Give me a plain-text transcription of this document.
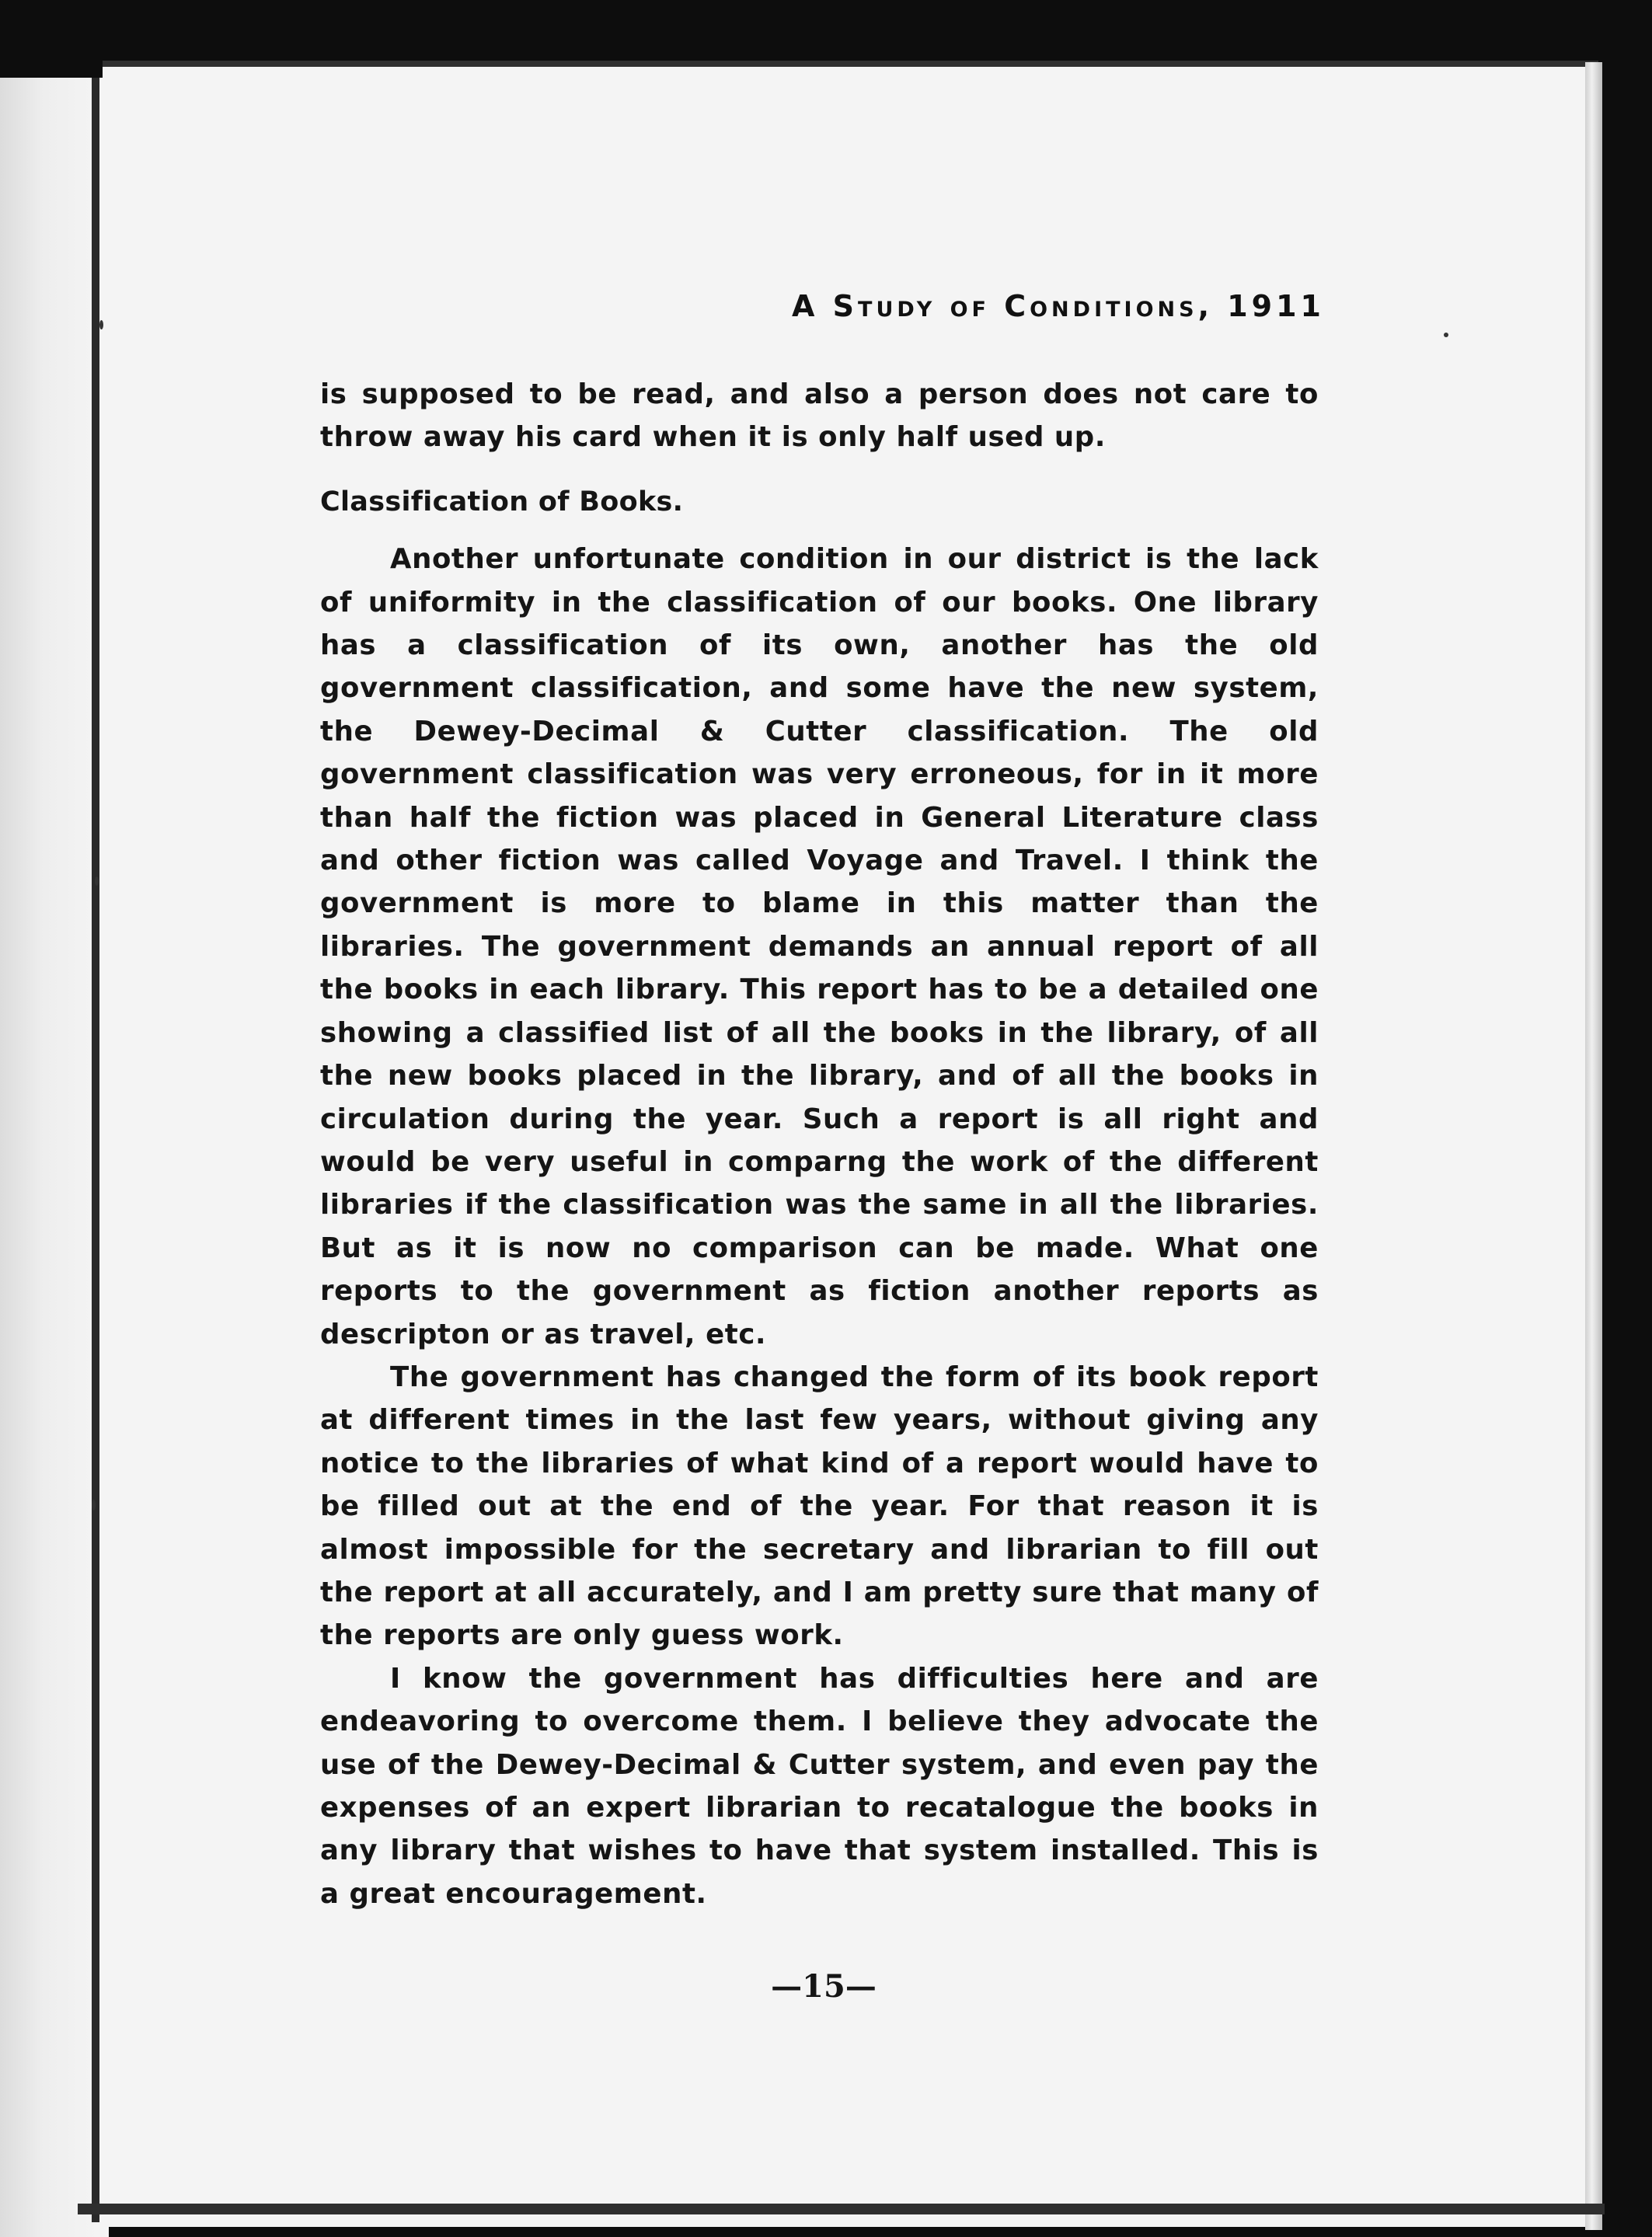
A Study of Conditions, 1911

is supposed to be read, and also a person does not care to throw away his card when it is only half used up.

Classification of Books.

Another unfortunate condition in our district is the lack of uniformity in the classification of our books. One library has a classification of its own, another has the old government classification, and some have the new system, the Dewey-Decimal & Cutter classification. The old government classification was very erroneous, for in it more than half the fiction was placed in General Literature class and other fiction was called Voyage and Travel. I think the government is more to blame in this matter than the libraries. The government demands an annual report of all the books in each library. This report has to be a detailed one showing a classified list of all the books in the library, of all the new books placed in the library, and of all the books in circulation during the year. Such a report is all right and would be very useful in comparng the work of the different libraries if the classification was the same in all the libraries. But as it is now no comparison can be made. What one reports to the government as fiction another reports as descripton or as travel, etc.

The government has changed the form of its book report at different times in the last few years, without giving any notice to the libraries of what kind of a report would have to be filled out at the end of the year. For that reason it is almost impossible for the secretary and librarian to fill out the report at all accurately, and I am pretty sure that many of the reports are only guess work.

I know the government has difficulties here and are endeavoring to overcome them. I believe they advocate the use of the Dewey-Decimal & Cutter system, and even pay the expenses of an expert librarian to recatalogue the books in any library that wishes to have that system installed. This is a great encouragement.

—15—
